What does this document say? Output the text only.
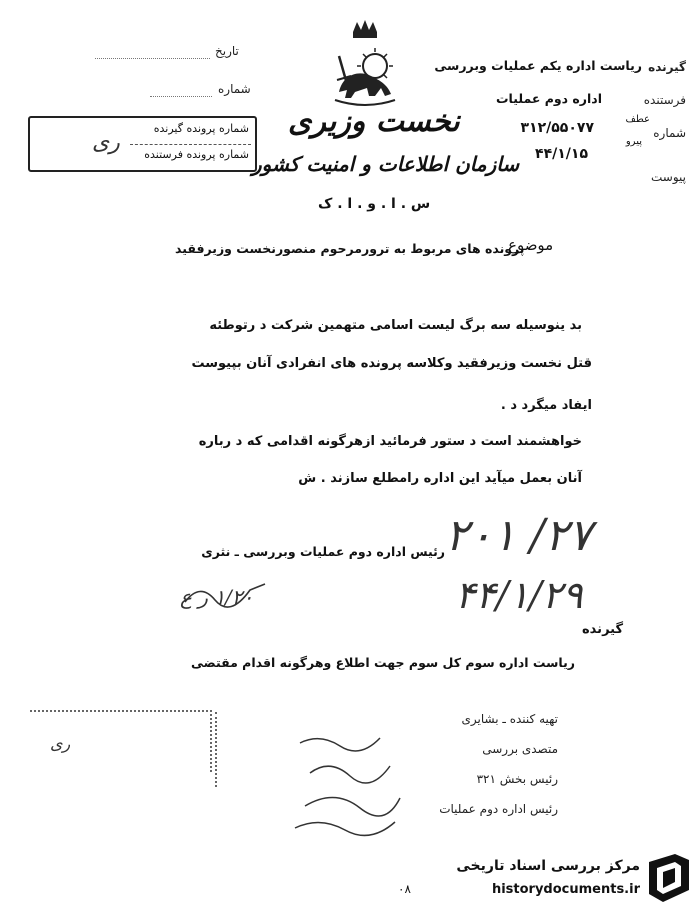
تاریخ
شماره
شماره پرونده گیرنده
شماره پرونده فرستنده
ری
نخست وزیری
سازمان اطلاعات و امنیت کشور
س . ا . و . ا . ک
گیرنده
ریاست اداره یکم عملیات وبررسی
فرستنده
اداره دوم عملیات
شماره
عطف
پیرو
۳۱۲/۵۵۰۷۷
۴۴/۱/۱۵
پیوست
موضوع
پرونده های مربوط به ترورمرحوم منصورنخست وزیرفقید
بد ینوسیله سه برگ لیست اسامی متهمین شرکت د رتوطئه
قتل نخست وزیرفقید وکلاسه پرونده های انفرادی آنان بپیوست
ایفاد میگرد د .
خواهشمند است د ستور فرمائید ازهرگونه اقدامی که د رباره
آنان بعمل میآید این اداره رامطلع سازند . ش
۲۷/ ۲۰۱
۴۴/۱/۲۹
رئیس اداره دوم عملیات وبررسی ـ نثری
۱/۲۰ ر ع
گیرنده
ریاست اداره سوم کل سوم جهت اطلاع وهرگونه اقدام مقتضی
ری
تهیه کننده ـ بشایری
متصدی بررسی
رئیس بخش ۳۲۱
رئیس اداره دوم عملیات
مرکز بررسی اسناد تاریخی
historydocuments.ir
۰۸
